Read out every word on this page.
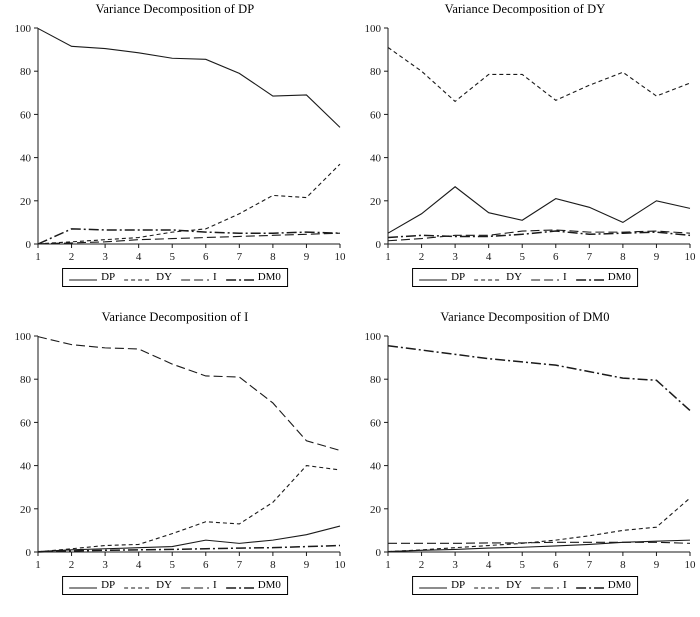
Variance Decomposition of DP
0
20
40
60
80
100
1	2	3	4	5	6	7	8	9 10
DP	DY	I	DM0
Variance Decomposition of DY
0
20
40
60
80
100
1	2	3	4	5	6	7	8	9 10
DP	DY	I	DM0
Variance Decomposition of I
0
20
40
60
80
100
1	2	3	4	5	6	7	8	9 10
DP	DY	I	DM0
Variance Decomposition of DM0
0
20
40
60
80
100
1	2	3	4	5	6	7	8	9 10
DP	DY	I	DM0
